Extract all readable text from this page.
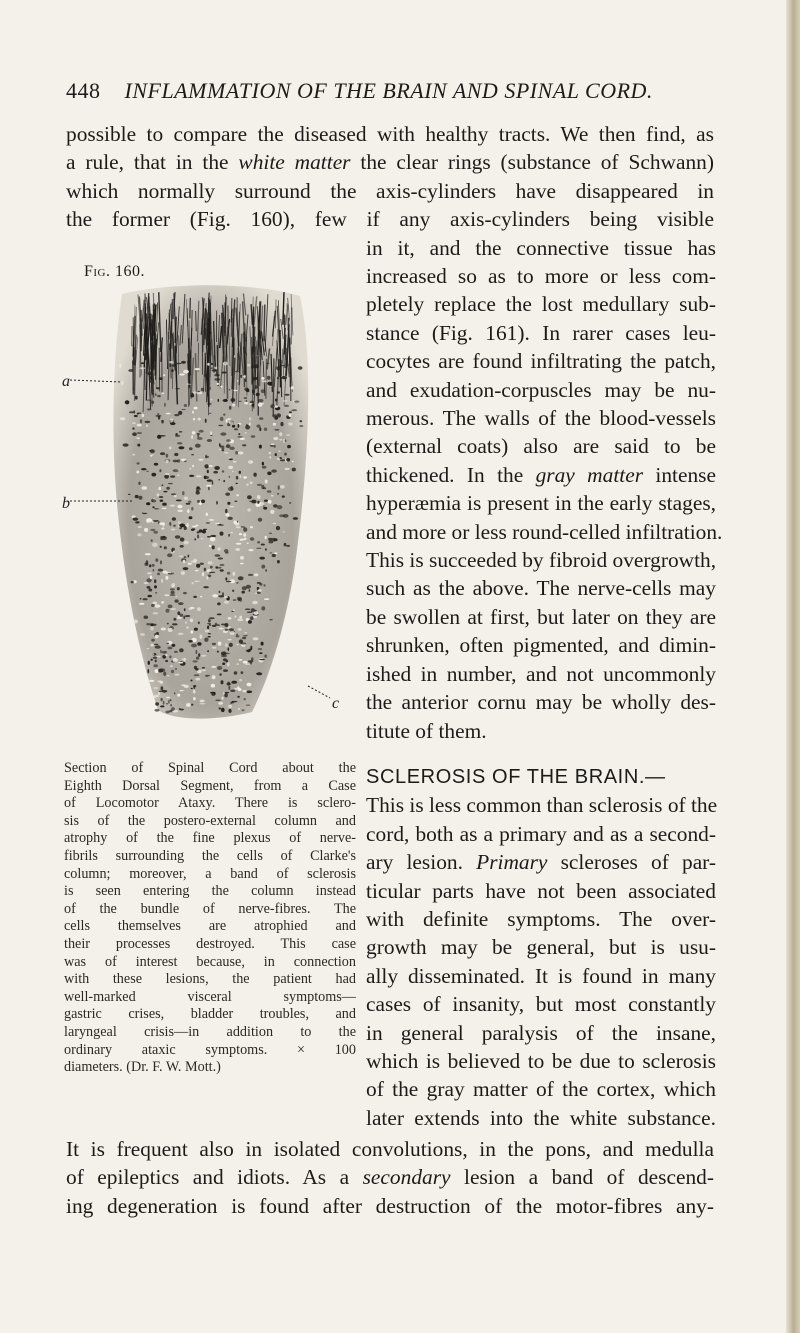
448 INFLAMMATION OF THE BRAIN AND SPINAL CORD.
possible to compare the diseased with healthy tracts. We then find, as
a rule, that in the white matter the clear rings (substance of Schwann)
which normally surround the axis-cylinders have disappeared in
the former (Fig. 160), few if any axis-cylinders being visible
Fig. 160.
a
b
c
Section of Spinal Cord about the
Eighth Dorsal Segment, from a Case
of Locomotor Ataxy. There is sclero-
sis of the postero-external column and
atrophy of the fine plexus of nerve-
fibrils surrounding the cells of Clarke's
column; moreover, a band of sclerosis
is seen entering the column instead
of the bundle of nerve-fibres. The
cells themselves are atrophied and
their processes destroyed. This case
was of interest because, in connection
with these lesions, the patient had
well-marked visceral symptoms—
gastric crises, bladder troubles, and
laryngeal crisis—in addition to the
ordinary ataxic symptoms. × 100
diameters. (Dr. F. W. Mott.)
in it, and the connective tissue has
increased so as to more or less com-
pletely replace the lost medullary sub-
stance (Fig. 161). In rarer cases leu-
cocytes are found infiltrating the patch,
and exudation-corpuscles may be nu-
merous. The walls of the blood-vessels
(external coats) also are said to be
thickened. In the gray matter intense
hyperæmia is present in the early stages,
and more or less round-celled infiltration.
This is succeeded by fibroid overgrowth,
such as the above. The nerve-cells may
be swollen at first, but later on they are
shrunken, often pigmented, and dimin-
ished in number, and not uncommonly
the anterior cornu may be wholly des-
titute of them.
SCLEROSIS OF THE BRAIN.—
This is less common than sclerosis of the
cord, both as a primary and as a second-
ary lesion. Primary scleroses of par-
ticular parts have not been associated
with definite symptoms. The over-
growth may be general, but is usu-
ally disseminated. It is found in many
cases of insanity, but most constantly
in general paralysis of the insane,
which is believed to be due to sclerosis
of the gray matter of the cortex, which
later extends into the white substance.
It is frequent also in isolated convolutions, in the pons, and medulla
of epileptics and idiots. As a secondary lesion a band of descend-
ing degeneration is found after destruction of the motor-fibres any-
